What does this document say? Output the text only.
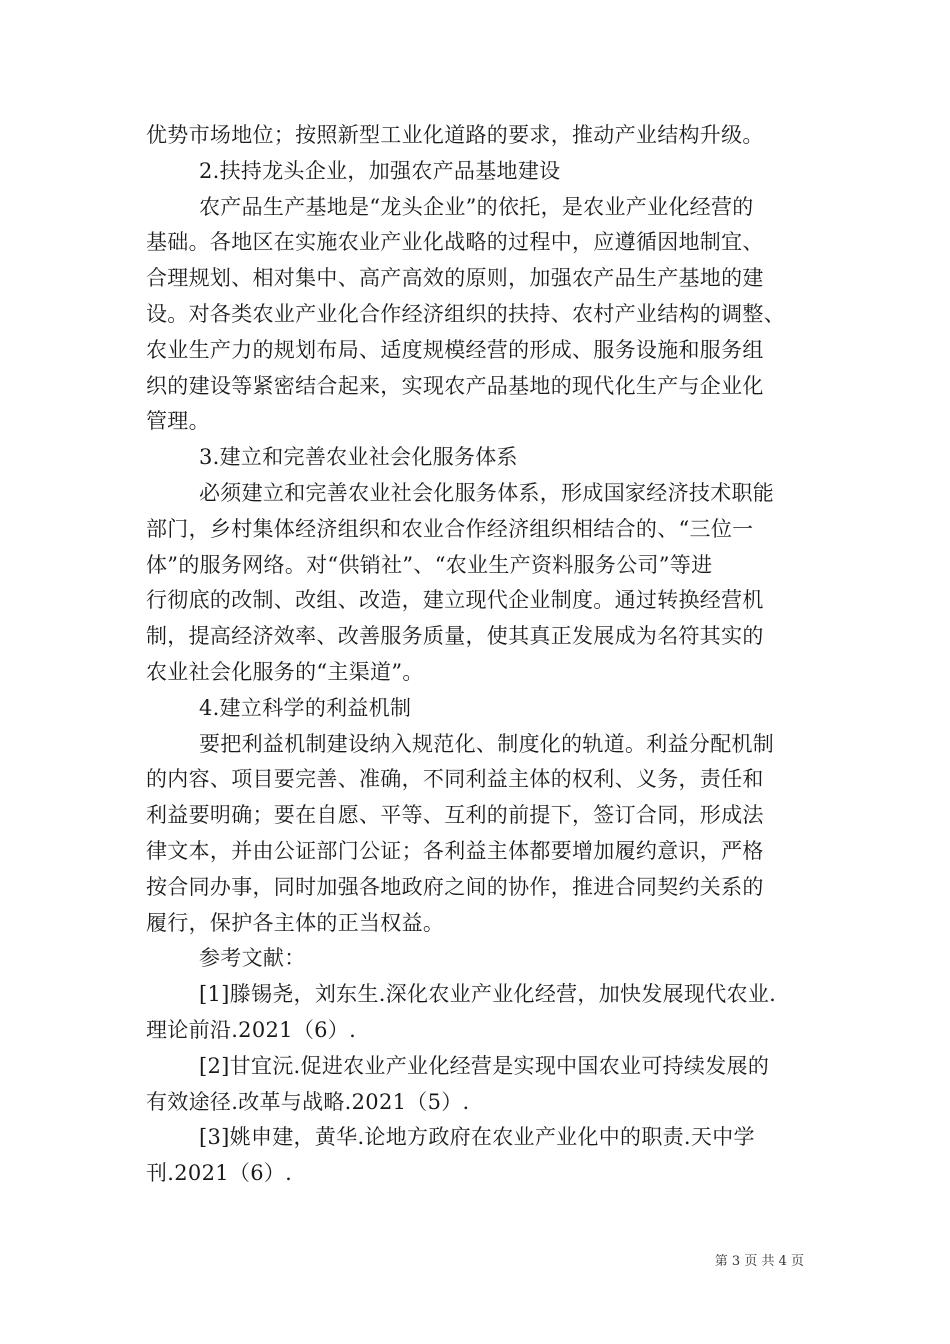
优势市场地位；按照新型工业化道路的要求，推动产业结构升级。
2.扶持龙头企业，加强农产品基地建设
农产品生产基地是“龙头企业”的依托，是农业产业化经营的
基础。各地区在实施农业产业化战略的过程中，应遵循因地制宜、
合理规划、相对集中、高产高效的原则，加强农产品生产基地的建
设。对各类农业产业化合作经济组织的扶持、农村产业结构的调整、
农业生产力的规划布局、适度规模经营的形成、服务设施和服务组
织的建设等紧密结合起来，实现农产品基地的现代化生产与企业化
管理。
3.建立和完善农业社会化服务体系
必须建立和完善农业社会化服务体系，形成国家经济技术职能
部门，乡村集体经济组织和农业合作经济组织相结合的、“三位一
体”的服务网络。对“供销社”、“农业生产资料服务公司”等进
行彻底的改制、改组、改造，建立现代企业制度。通过转换经营机
制，提高经济效率、改善服务质量，使其真正发展成为名符其实的
农业社会化服务的“主渠道”。
4.建立科学的利益机制
要把利益机制建设纳入规范化、制度化的轨道。利益分配机制
的内容、项目要完善、准确，不同利益主体的权利、义务，责任和
利益要明确；要在自愿、平等、互利的前提下，签订合同，形成法
律文本，并由公证部门公证；各利益主体都要增加履约意识，严格
按合同办事，同时加强各地政府之间的协作，推进合同契约关系的
履行，保护各主体的正当权益。
参考文献：
[1]滕锡尧，刘东生.深化农业产业化经营，加快发展现代农业.
理论前沿.2021（6）.
[2]甘宜沅.促进农业产业化经营是实现中国农业可持续发展的
有效途径.改革与战略.2021（5）.
[3]姚申建，黄华.论地方政府在农业产业化中的职责.天中学
刊.2021（6）.
第 3 页 共 4 页
